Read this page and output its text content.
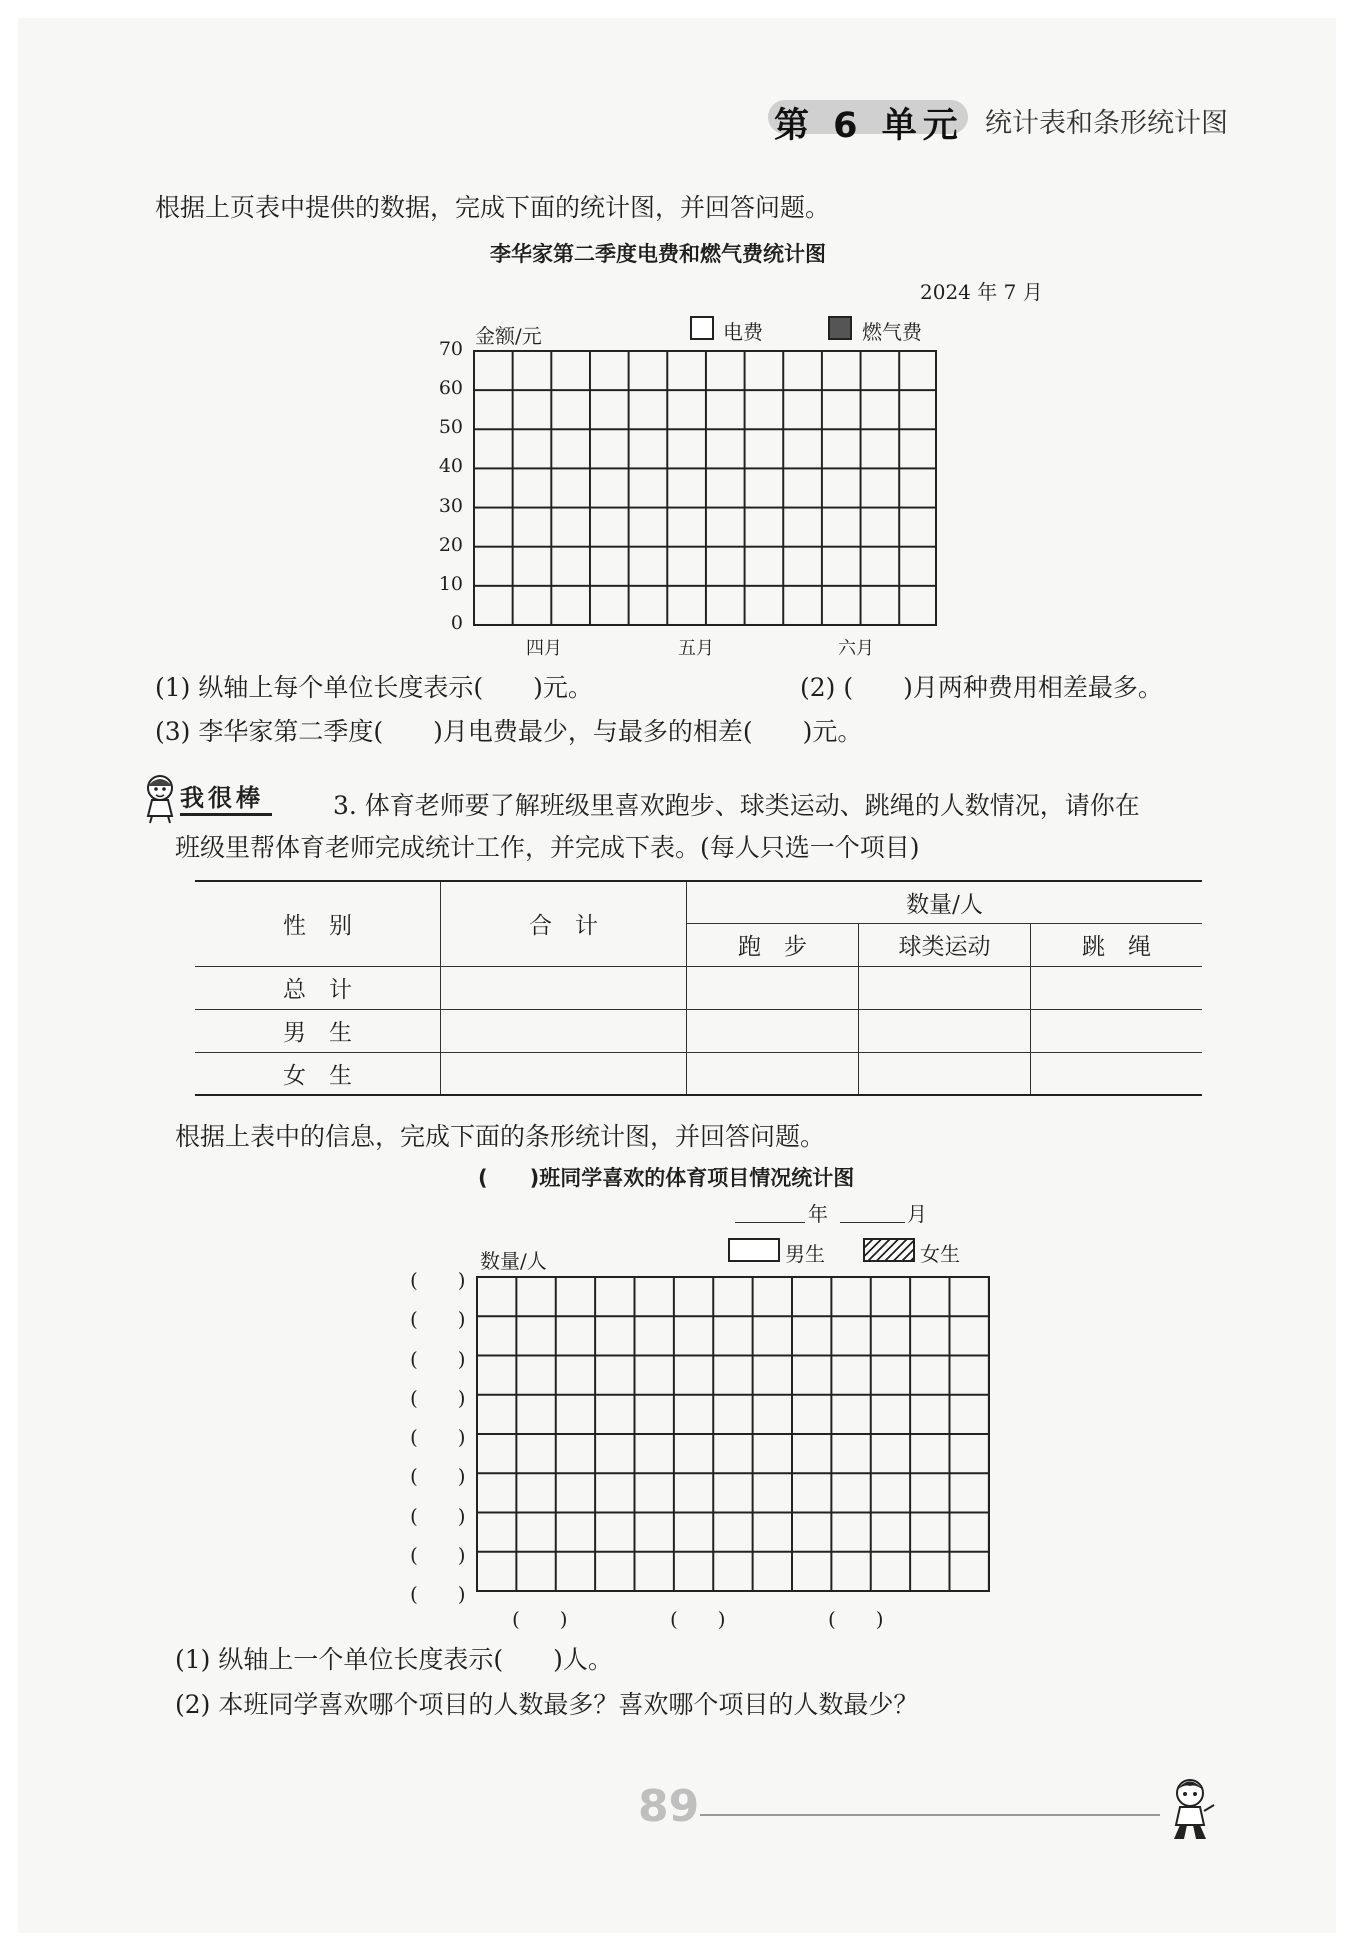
第 6 单元 统计表和条形统计图
根据上页表中提供的数据，完成下面的统计图，并回答问题。
李华家第二季度电费和燃气费统计图
2024 年 7 月
金额/元	电费	燃气费
0
10
20
30
40
50
60
70
四月	五月	六月
(1) 纵轴上每个单位长度表示(　　)元。	(2) (　　)月两种费用相差最多。
(3) 李华家第二季度(　　)月电费最少，与最多的相差(　　)元。
我很棒	3. 体育老师要了解班级里喜欢跑步、球类运动、跳绳的人数情况，请你在
班级里帮体育老师完成统计工作，并完成下表。(每人只选一个项目)
性　别	合　计	数量/人		
		跑　步	球类运动	跳　绳
总　计				
男　生				
女　生				
根据上表中的信息，完成下面的条形统计图，并回答问题。
(　　)班同学喜欢的体育项目情况统计图
年	月
数量/人	男生	女生
(　　)
(　　)
(　　)
(　　)
(　　)
(　　)
(　　)
(　　)
(　　)
(　　)	(　　)	(　　)
(1) 纵轴上一个单位长度表示(　　)人。
(2) 本班同学喜欢哪个项目的人数最多？喜欢哪个项目的人数最少？
89
